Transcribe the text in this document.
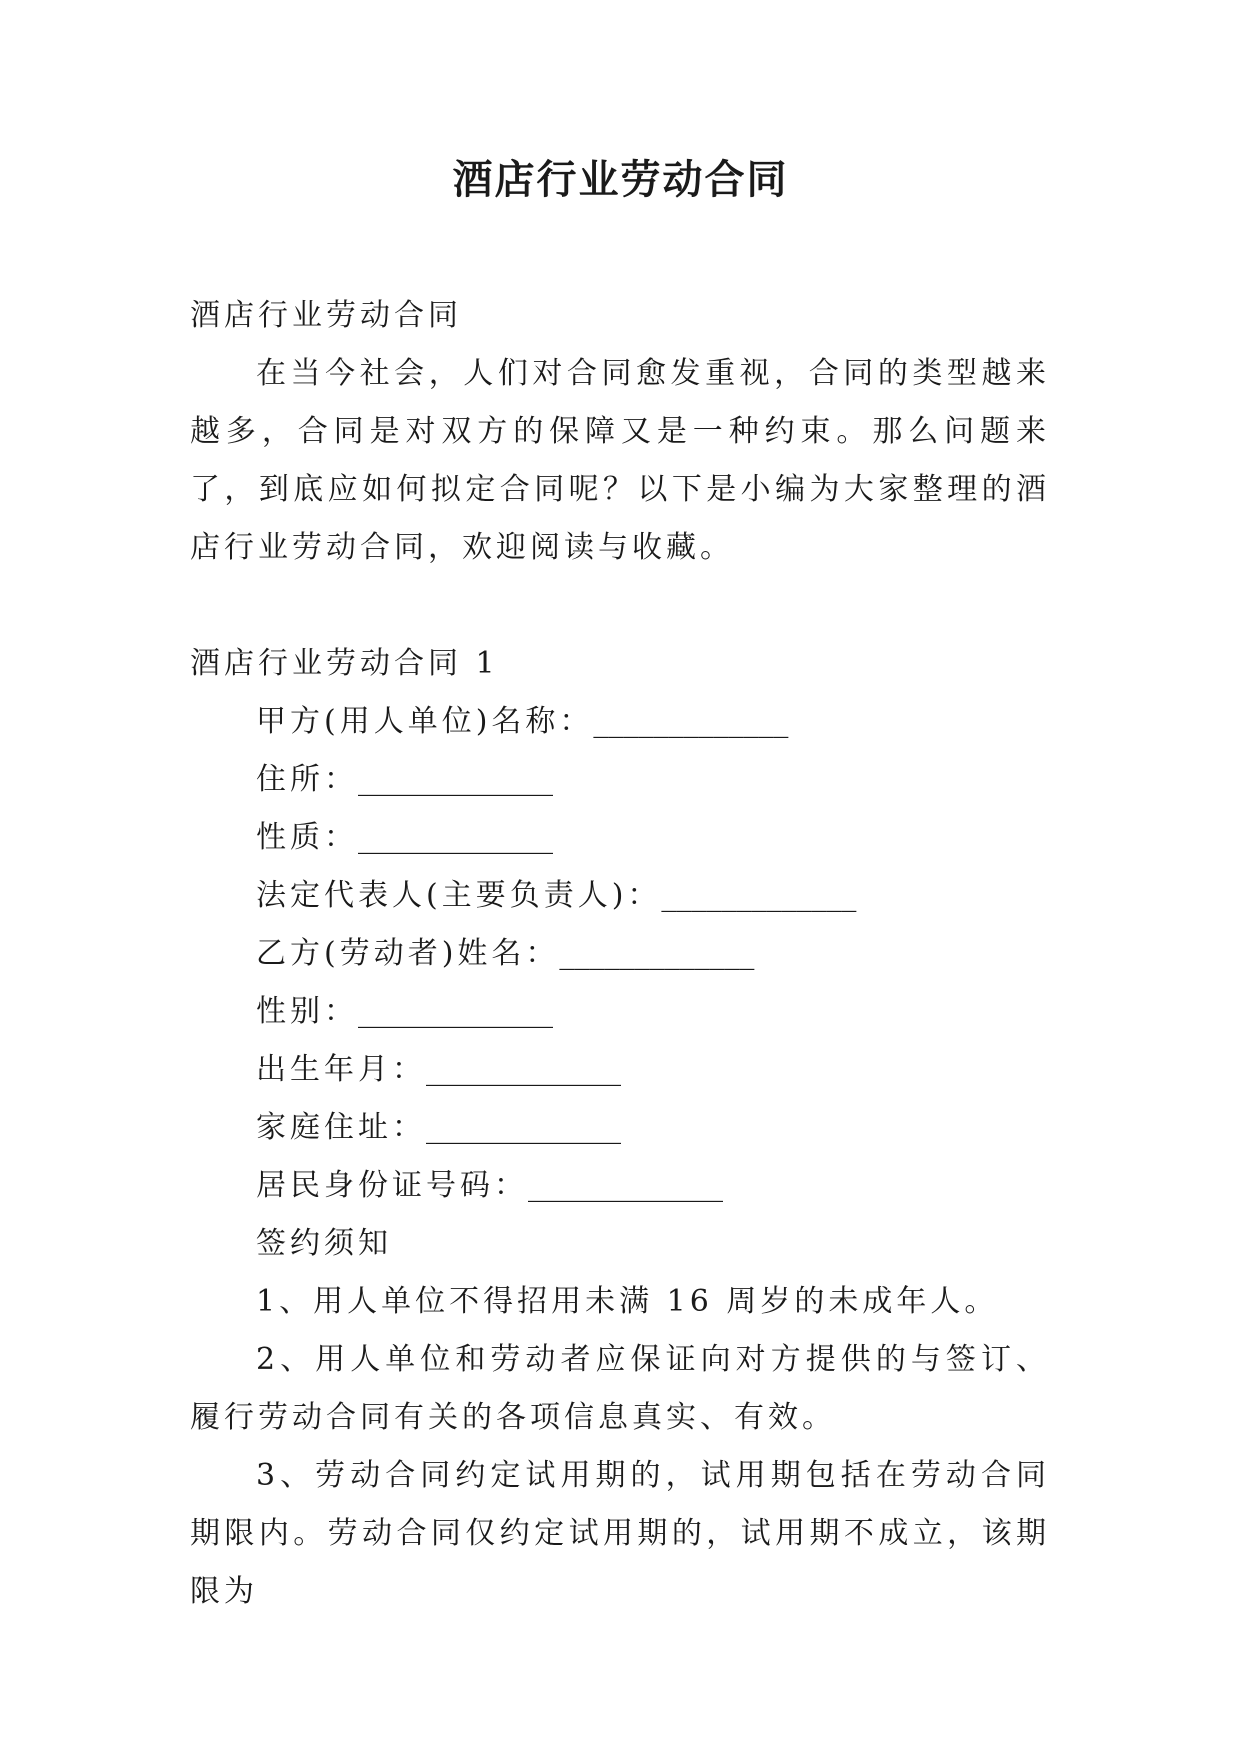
酒店行业劳动合同

酒店行业劳动合同

在当今社会，人们对合同愈发重视，合同的类型越来越多，合同是对双方的保障又是一种约束。那么问题来了，到底应如何拟定合同呢？以下是小编为大家整理的酒店行业劳动合同，欢迎阅读与收藏。

酒店行业劳动合同 1

甲方(用人单位)名称：_____________

住所：_____________

性质：_____________

法定代表人(主要负责人)：_____________

乙方(劳动者)姓名：_____________

性别：_____________

出生年月：_____________

家庭住址：_____________

居民身份证号码：_____________

签约须知

1、用人单位不得招用未满 16 周岁的未成年人。

2、用人单位和劳动者应保证向对方提供的与签订、履行劳动合同有关的各项信息真实、有效。

3、劳动合同约定试用期的，试用期包括在劳动合同期限内。劳动合同仅约定试用期的，试用期不成立，该期限为
